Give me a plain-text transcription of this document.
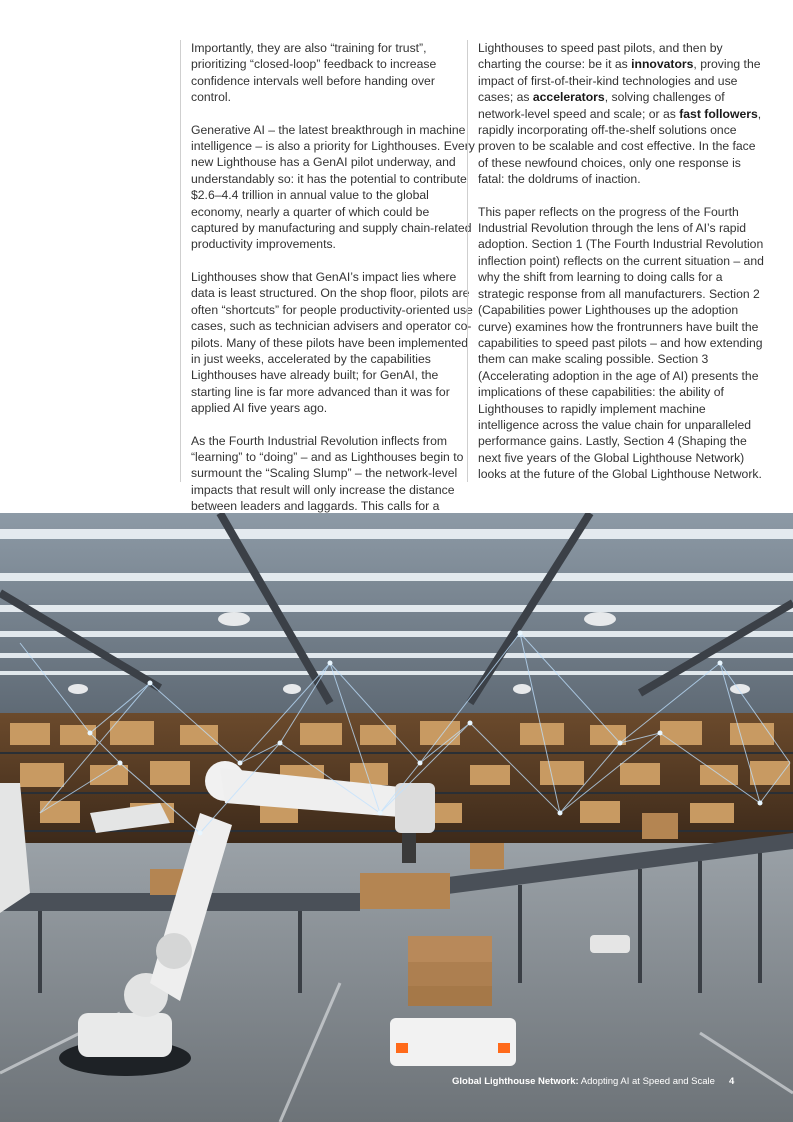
Importantly, they are also “training for trust”, prioritizing “closed-loop” feedback to increase confidence intervals well before handing over control.

Generative AI – the latest breakthrough in machine intelligence – is also a priority for Lighthouses. Every new Lighthouse has a GenAI pilot underway, and understandably so: it has the potential to contribute $2.6–4.4 trillion in annual value to the global economy, nearly a quarter of which could be captured by manufacturing and supply chain-related productivity improvements.

Lighthouses show that GenAI’s impact lies where data is least structured. On the shop floor, pilots are often “shortcuts” for people productivity-oriented use cases, such as technician advisers and operator co-pilots. Many of these pilots have been implemented in just weeks, accelerated by the capabilities Lighthouses have already built; for GenAI, the starting line is far more advanced than it was for applied AI five years ago.

As the Fourth Industrial Revolution inflects from “learning” to “doing” – and as Lighthouses begin to surmount the “Scaling Slump” – the network-level impacts that result will only increase the distance between leaders and laggards. This calls for a

Lighthouses to speed past pilots, and then by charting the course: be it as innovators, proving the impact of first-of-their-kind technologies and use cases; as accelerators, solving challenges of network-level speed and scale; or as fast followers, rapidly incorporating off-the-shelf solutions once proven to be scalable and cost effective. In the face of these newfound choices, only one response is fatal: the doldrums of inaction.

This paper reflects on the progress of the Fourth Industrial Revolution through the lens of AI’s rapid adoption. Section 1 (The Fourth Industrial Revolution inflection point) reflects on the current situation – and why the shift from learning to doing calls for a strategic response from all manufacturers. Section 2 (Capabilities power Lighthouses up the adoption curve) examines how the frontrunners have built the capabilities to speed past pilots – and how extending them can make scaling possible. Section 3 (Accelerating adoption in the age of AI) presents the implications of these capabilities: the ability of Lighthouses to rapidly implement machine intelligence across the value chain for unparalleled performance gains. Lastly, Section 4 (Shaping the next five years of the Global Lighthouse Network) looks at the future of the Global Lighthouse Network.

Global Lighthouse Network: Adopting AI at Speed and Scale 4
